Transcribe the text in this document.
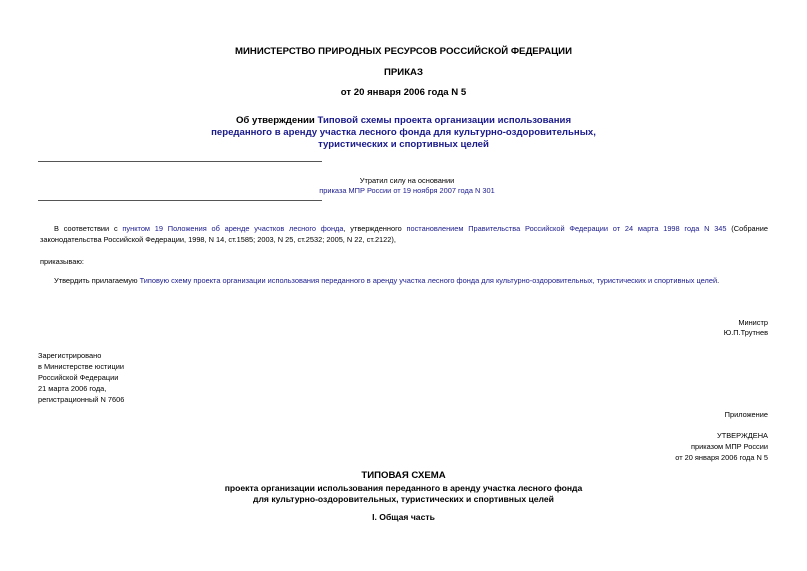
МИНИСТЕРСТВО ПРИРОДНЫХ РЕСУРСОВ РОССИЙСКОЙ ФЕДЕРАЦИИ
ПРИКАЗ
от 20 января 2006 года N 5
Об утверждении Типовой схемы проекта организации использования
переданного в аренду участка лесного фонда для культурно-оздоровительных,
туристических и спортивных целей
Утратил силу на основании
приказа МПР России от 19 ноября 2007 года N 301
В соответствии с пунктом 19 Положения об аренде участков лесного фонда, утвержденного постановлением Правительства Российской Федерации от 24 марта 1998 года N 345 (Собрание законодательства Российской Федерации, 1998, N 14, ст.1585; 2003, N 25, ст.2532; 2005, N 22, ст.2122),
приказываю:
Утвердить прилагаемую Типовую схему проекта организации использования переданного в аренду участка лесного фонда для культурно-оздоровительных, туристических и спортивных целей.
Министр
Ю.П.Трутнев
Зарегистрировано
в Министерстве юстиции
Российской Федерации
21 марта 2006 года,
регистрационный N 7606
Приложение
УТВЕРЖДЕНА
приказом МПР России
от 20 января 2006 года N 5
ТИПОВАЯ СХЕМА
проекта организации использования переданного в аренду участка лесного фонда
для культурно-оздоровительных, туристических и спортивных целей
I. Общая часть
